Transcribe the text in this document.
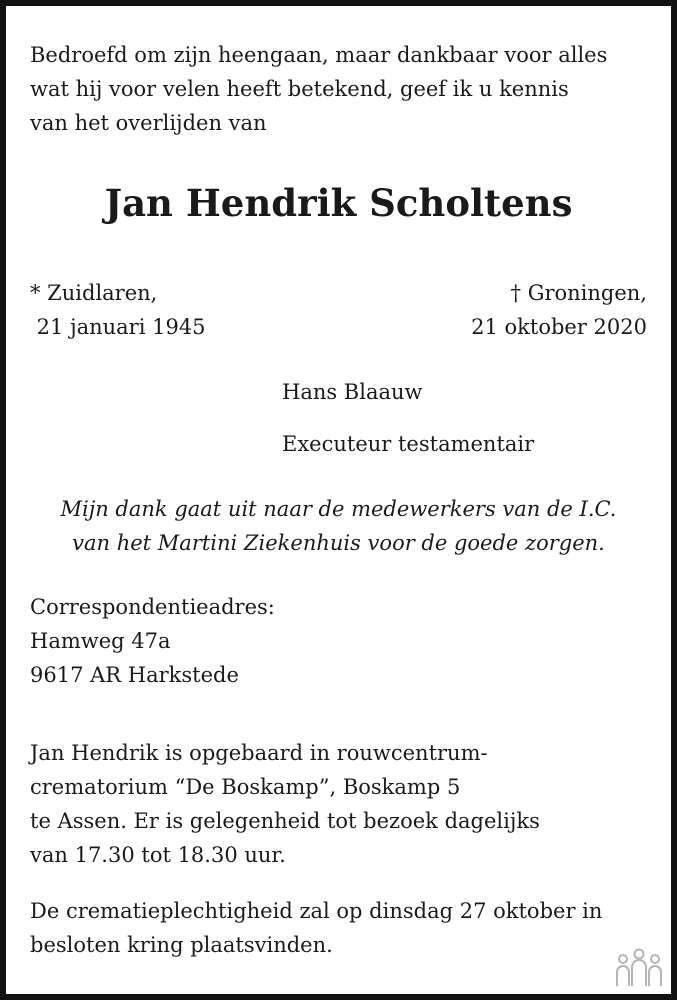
Bedroefd om zijn heengaan, maar dankbaar voor alles
wat hij voor velen heeft betekend, geef ik u kennis
van het overlijden van
Jan Hendrik Scholtens
* Zuidlaren,
21 januari 1945
† Groningen,
21 oktober 2020
Hans Blaauw
Executeur testamentair
Mijn dank gaat uit naar de medewerkers van de I.C.
van het Martini Ziekenhuis voor de goede zorgen.
Correspondentieadres:
Hamweg 47a
9617 AR Harkstede
Jan Hendrik is opgebaard in rouwcentrum-
crematorium “De Boskamp”, Boskamp 5
te Assen. Er is gelegenheid tot bezoek dagelijks
van 17.30 tot 18.30 uur.
De crematieplechtigheid zal op dinsdag 27 oktober in
besloten kring plaatsvinden.
